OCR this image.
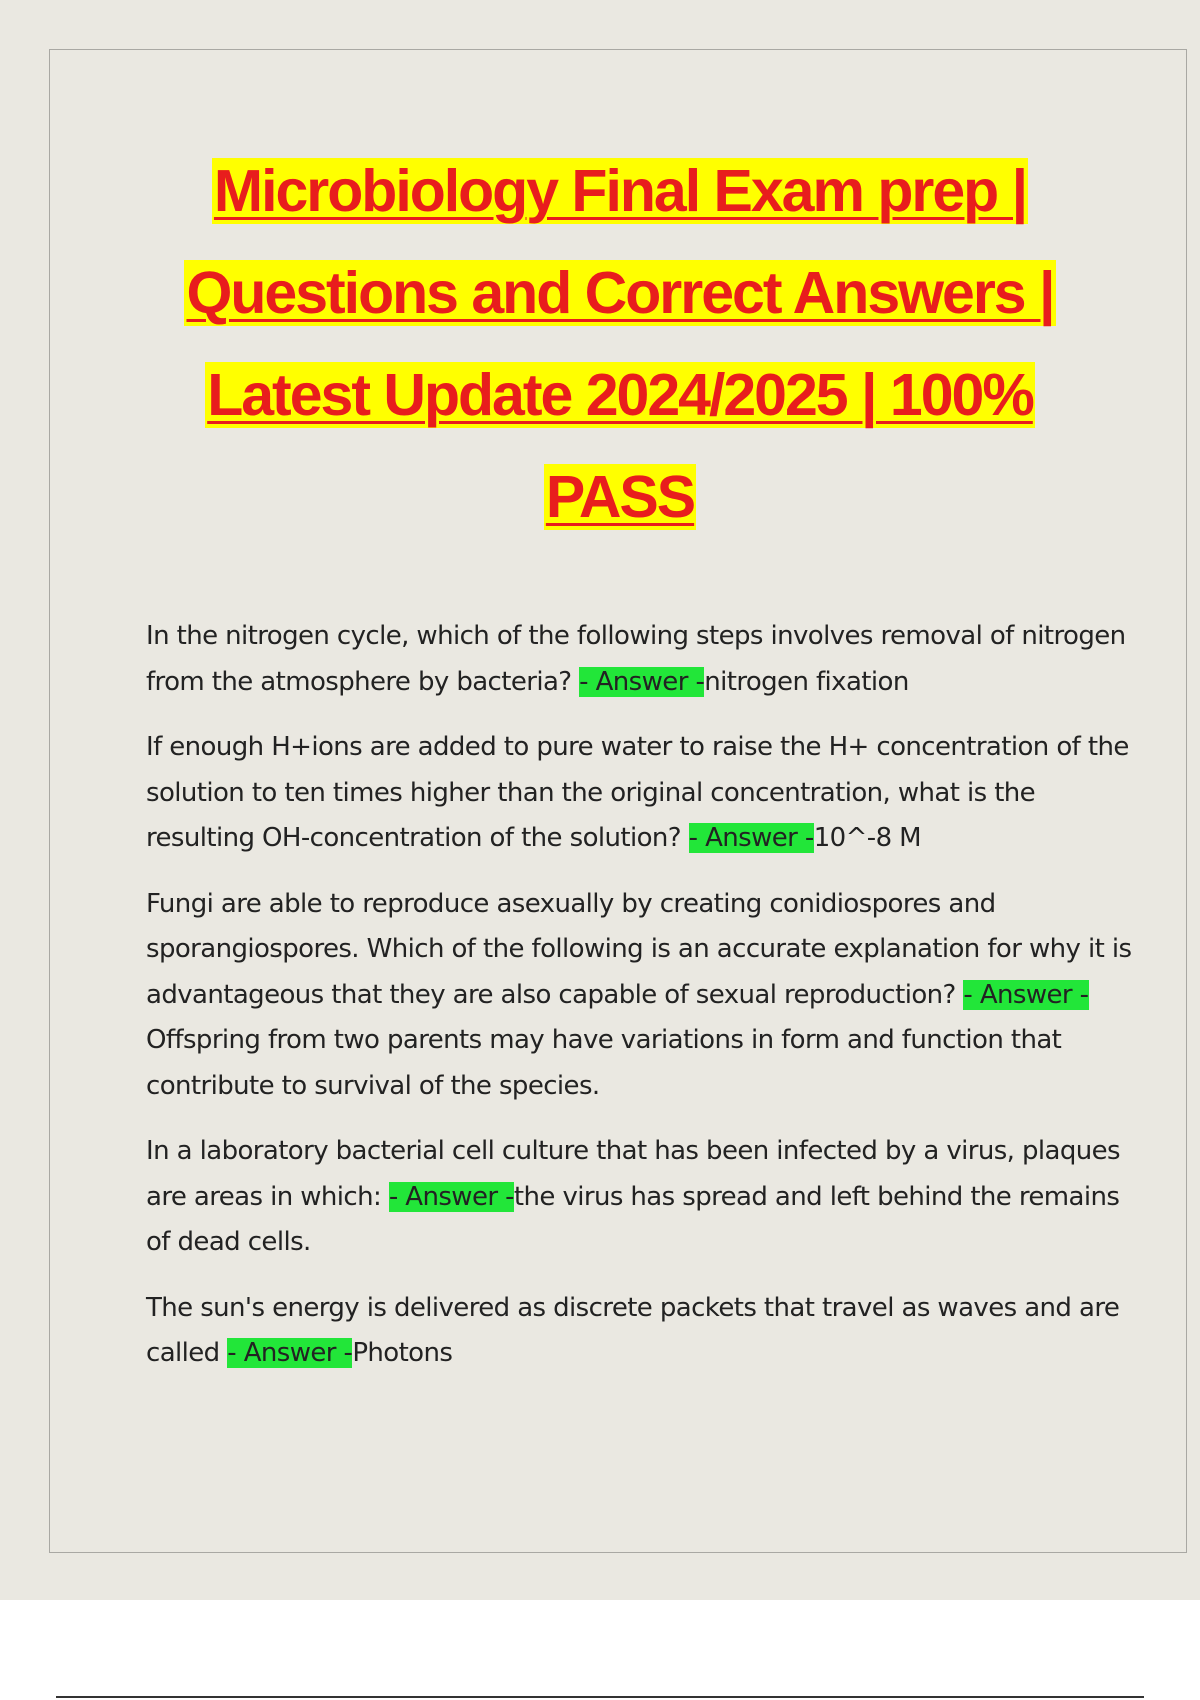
Microbiology Final Exam prep |
Questions and Correct Answers |
Latest Update 2024/2025 | 100%
PASS

In the nitrogen cycle, which of the following steps involves removal of nitrogen from the atmosphere by bacteria? - Answer -nitrogen fixation

If enough H+ions are added to pure water to raise the H+ concentration of the solution to ten times higher than the original concentration, what is the resulting OH-concentration of the solution? - Answer -10^-8 M

Fungi are able to reproduce asexually by creating conidiospores and sporangiospores. Which of the following is an accurate explanation for why it is advantageous that they are also capable of sexual reproduction? - Answer -Offspring from two parents may have variations in form and function that contribute to survival of the species.

In a laboratory bacterial cell culture that has been infected by a virus, plaques are areas in which: - Answer -the virus has spread and left behind the remains of dead cells.

The sun's energy is delivered as discrete packets that travel as waves and are called - Answer -Photons
